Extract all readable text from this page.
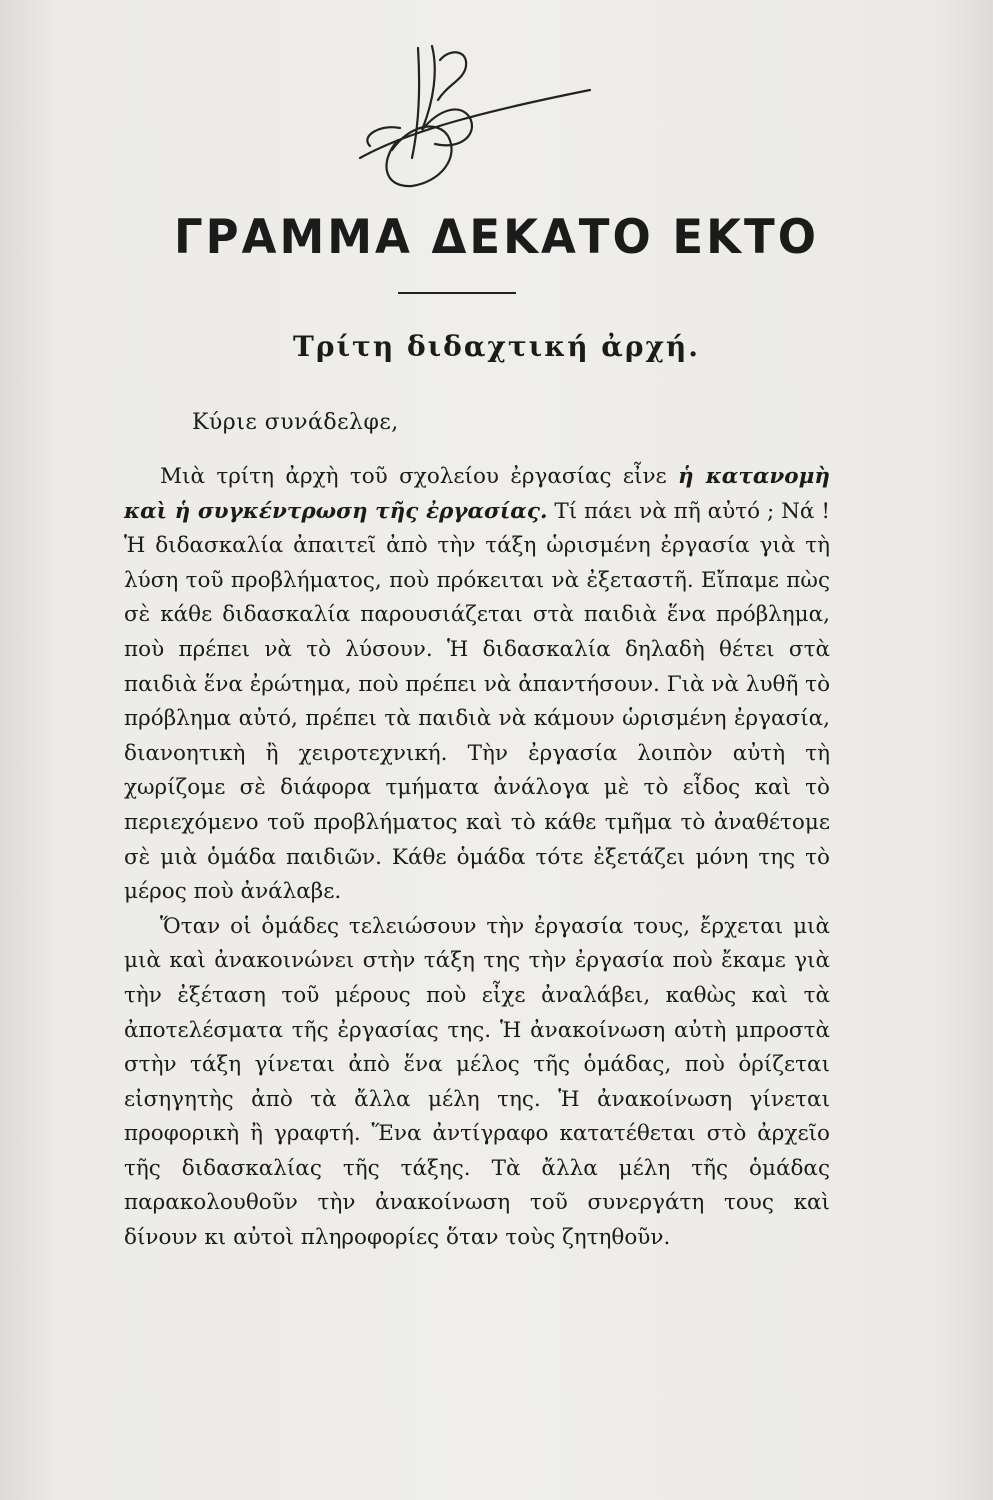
ΓΡΑΜΜΑ ΔΕΚΑΤΟ ΕΚΤΟ
Τρίτη διδαχτική ἀρχή.
Κύριε συνάδελφε,

Μιὰ τρίτη ἀρχὴ τοῦ σχολείου ἐργασίας εἶνε ἡ κατανομὴ καὶ ἡ συγκέντρωση τῆς ἐργασίας. Τί πάει νὰ πῆ αὐτό ; Νά ! Ἡ διδασκαλία ἀπαιτεῖ ἀπὸ τὴν τάξη ὡρισμένη ἐργασία γιὰ τὴ λύση τοῦ προβλήματος, ποὺ πρόκειται νὰ ἐξεταστῆ. Εἴπαμε πὼς σὲ κάθε διδασκαλία παρουσιάζεται στὰ παιδιὰ ἕνα πρόβλημα, ποὺ πρέπει νὰ τὸ λύσουν. Ἡ διδασκαλία δηλαδὴ θέτει στὰ παιδιὰ ἕνα ἐρώτημα, ποὺ πρέπει νὰ ἀπαντήσουν. Γιὰ νὰ λυθῆ τὸ πρόβλημα αὐτό, πρέπει τὰ παιδιὰ νὰ κάμουν ὡρισμένη ἐργασία, διανοητικὴ ἢ χειροτεχνική. Τὴν ἐργασία λοιπὸν αὐτὴ τὴ χωρίζομε σὲ διάφορα τμήματα ἀνάλογα μὲ τὸ εἶδος καὶ τὸ περιεχόμενο τοῦ προβλήματος καὶ τὸ κάθε τμῆμα τὸ ἀναθέτομε σὲ μιὰ ὁμάδα παιδιῶν. Κάθε ὁμάδα τότε ἐξετάζει μόνη της τὸ μέρος ποὺ ἀνάλαβε.

Ὅταν οἱ ὁμάδες τελειώσουν τὴν ἐργασία τους, ἔρχεται μιὰ μιὰ καὶ ἀνακοινώνει στὴν τάξη της τὴν ἐργασία ποὺ ἔκαμε γιὰ τὴν ἐξέταση τοῦ μέρους ποὺ εἶχε ἀναλάβει, καθὼς καὶ τὰ ἀποτελέσματα τῆς ἐργασίας της. Ἡ ἀνακοίνωση αὐτὴ μπροστὰ στὴν τάξη γίνεται ἀπὸ ἕνα μέλος τῆς ὁμάδας, ποὺ ὁρίζεται εἰσηγητὴς ἀπὸ τὰ ἄλλα μέλη της. Ἡ ἀνακοίνωση γίνεται προφορικὴ ἢ γραφτή. Ἕνα ἀντίγραφο κατατέθεται στὸ ἀρχεῖο τῆς διδασκαλίας τῆς τάξης. Τὰ ἄλλα μέλη τῆς ὁμάδας παρακολουθοῦν τὴν ἀνακοίνωση τοῦ συνεργάτη τους καὶ δίνουν κι αὐτοὶ πληροφορίες ὅταν τοὺς ζητηθοῦν.
